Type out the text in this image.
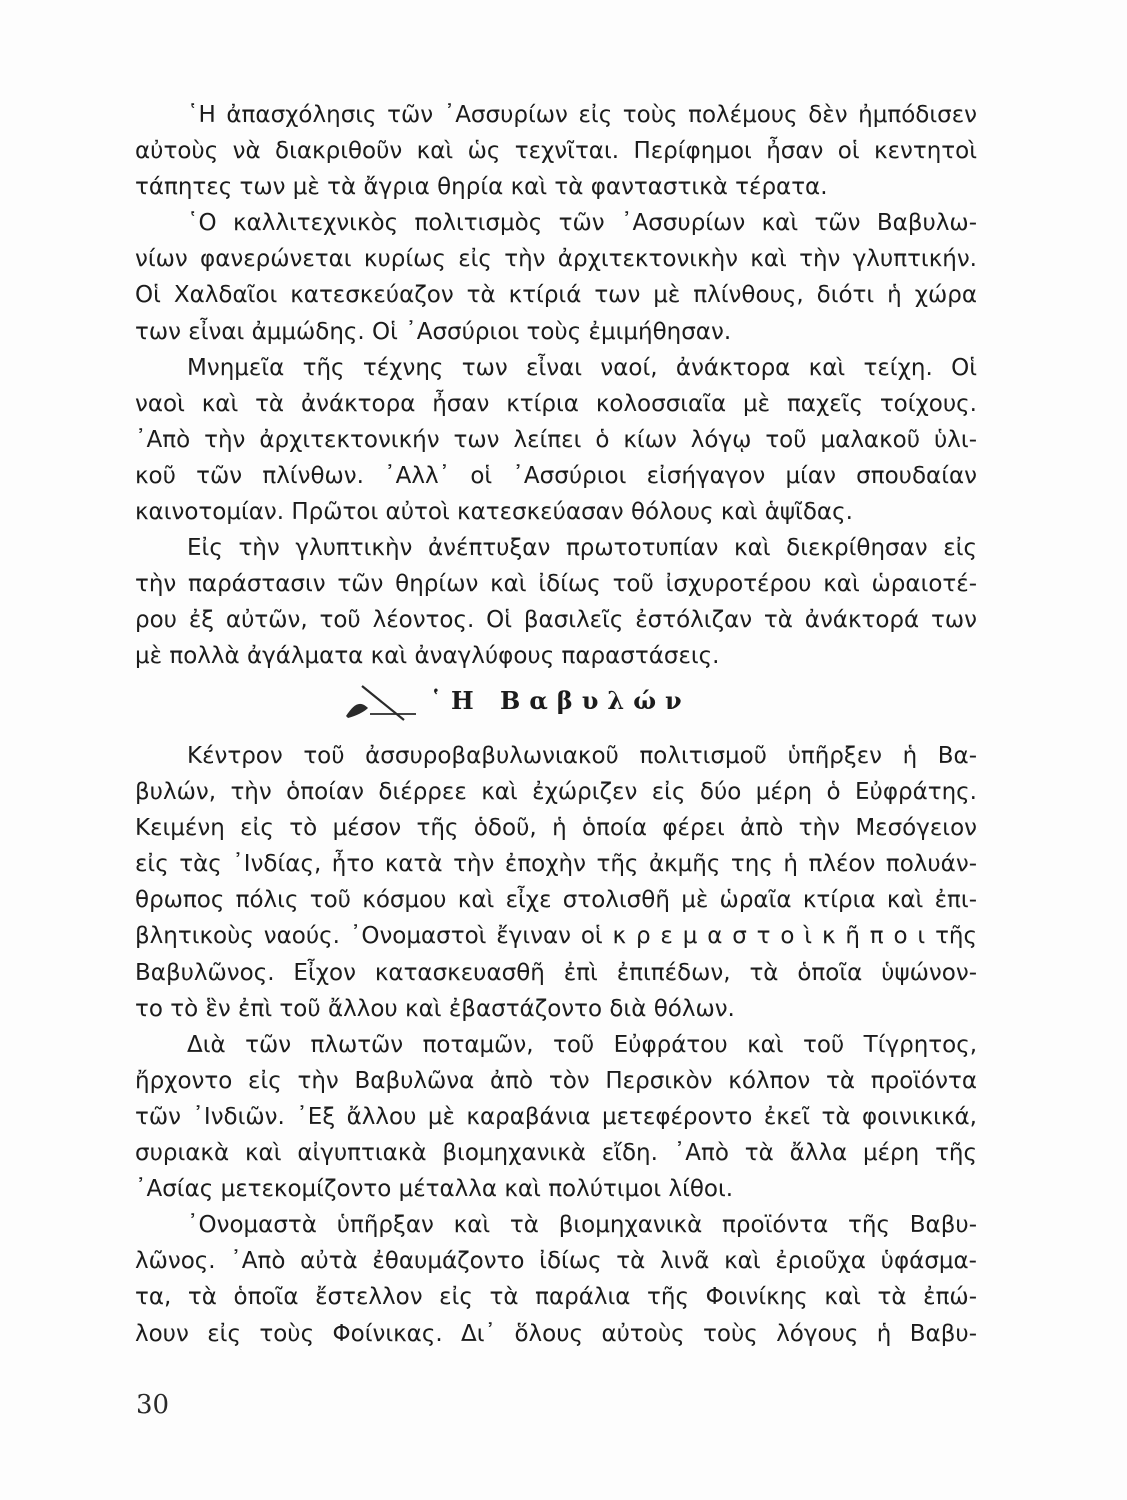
῾Η ἀπασχόλησις τῶν ᾿Ασσυρίων εἰς τοὺς πολέμους δὲν ἠμπόδισεν
αὐτοὺς νὰ διακριθοῦν καὶ ὡς τεχνῖται. Περίφημοι ἦσαν οἱ κεντητοὶ
τάπητες των μὲ τὰ ἄγρια θηρία καὶ τὰ φανταστικὰ τέρατα.
῾Ο καλλιτεχνικὸς πολιτισμὸς τῶν ᾿Ασσυρίων καὶ τῶν Βαβυλω-
νίων φανερώνεται κυρίως εἰς τὴν ἀρχιτεκτονικὴν καὶ τὴν γλυπτικήν.
Οἱ Χαλδαῖοι κατεσκεύαζον τὰ κτίριά των μὲ πλίνθους, διότι ἡ χώρα
των εἶναι ἀμμώδης. Οἱ ᾿Ασσύριοι τοὺς ἐμιμήθησαν.
Μνημεῖα τῆς τέχνης των εἶναι ναοί, ἀνάκτορα καὶ τείχη. Οἱ
ναοὶ καὶ τὰ ἀνάκτορα ἦσαν κτίρια κολοσσιαῖα μὲ παχεῖς τοίχους.
᾿Απὸ τὴν ἀρχιτεκτονικήν των λείπει ὁ κίων λόγῳ τοῦ μαλακοῦ ὑλι-
κοῦ τῶν πλίνθων. ᾿Αλλ᾿ οἱ ᾿Ασσύριοι εἰσήγαγον μίαν σπουδαίαν
καινοτομίαν. Πρῶτοι αὐτοὶ κατεσκεύασαν θόλους καὶ ἁψῖδας.
Εἰς τὴν γλυπτικὴν ἀνέπτυξαν πρωτοτυπίαν καὶ διεκρίθησαν εἰς
τὴν παράστασιν τῶν θηρίων καὶ ἰδίως τοῦ ἰσχυροτέρου καὶ ὡραιοτέ-
ρου ἐξ αὐτῶν, τοῦ λέοντος. Οἱ βασιλεῖς ἐστόλιζαν τὰ ἀνάκτορά των
μὲ πολλὰ ἀγάλματα καὶ ἀναγλύφους παραστάσεις.
῾Η Βαβυλών
Κέντρον τοῦ ἀσσυροβαβυλωνιακοῦ πολιτισμοῦ ὑπῆρξεν ἡ Βα-
βυλών, τὴν ὁποίαν διέρρεε καὶ ἐχώριζεν εἰς δύο μέρη ὁ Εὐφράτης.
Κειμένη εἰς τὸ μέσον τῆς ὁδοῦ, ἡ ὁποία φέρει ἀπὸ τὴν Μεσόγειον
εἰς τὰς ᾿Ινδίας, ἦτο κατὰ τὴν ἐποχὴν τῆς ἀκμῆς της ἡ πλέον πολυάν-
θρωπος πόλις τοῦ κόσμου καὶ εἶχε στολισθῆ μὲ ὡραῖα κτίρια καὶ ἐπι-
βλητικοὺς ναούς. ᾿Ονομαστοὶ ἔγιναν οἱ κ ρ ε μ α σ τ ο ὶ κ ῆ π ο ι τῆς
Βαβυλῶνος. Εἶχον κατασκευασθῆ ἐπὶ ἐπιπέδων, τὰ ὁποῖα ὑψώνον-
το τὸ ἓν ἐπὶ τοῦ ἄλλου καὶ ἐβαστάζοντο διὰ θόλων.
Διὰ τῶν πλωτῶν ποταμῶν, τοῦ Εὐφράτου καὶ τοῦ Τίγρητος,
ἤρχοντο εἰς τὴν Βαβυλῶνα ἀπὸ τὸν Περσικὸν κόλπον τὰ προϊόντα
τῶν ᾿Ινδιῶν. ᾿Εξ ἄλλου μὲ καραβάνια μετεφέροντο ἐκεῖ τὰ φοινικικά,
συριακὰ καὶ αἰγυπτιακὰ βιομηχανικὰ εἴδη. ᾿Απὸ τὰ ἄλλα μέρη τῆς
᾿Ασίας μετεκομίζοντο μέταλλα καὶ πολύτιμοι λίθοι.
᾿Ονομαστὰ ὑπῆρξαν καὶ τὰ βιομηχανικὰ προϊόντα τῆς Βαβυ-
λῶνος. ᾿Απὸ αὐτὰ ἐθαυμάζοντο ἰδίως τὰ λινᾶ καὶ ἐριοῦχα ὑφάσμα-
τα, τὰ ὁποῖα ἔστελλον εἰς τὰ παράλια τῆς Φοινίκης καὶ τὰ ἐπώ-
λουν εἰς τοὺς Φοίνικας. Δι᾿ ὅλους αὐτοὺς τοὺς λόγους ἡ Βαβυ-
30
